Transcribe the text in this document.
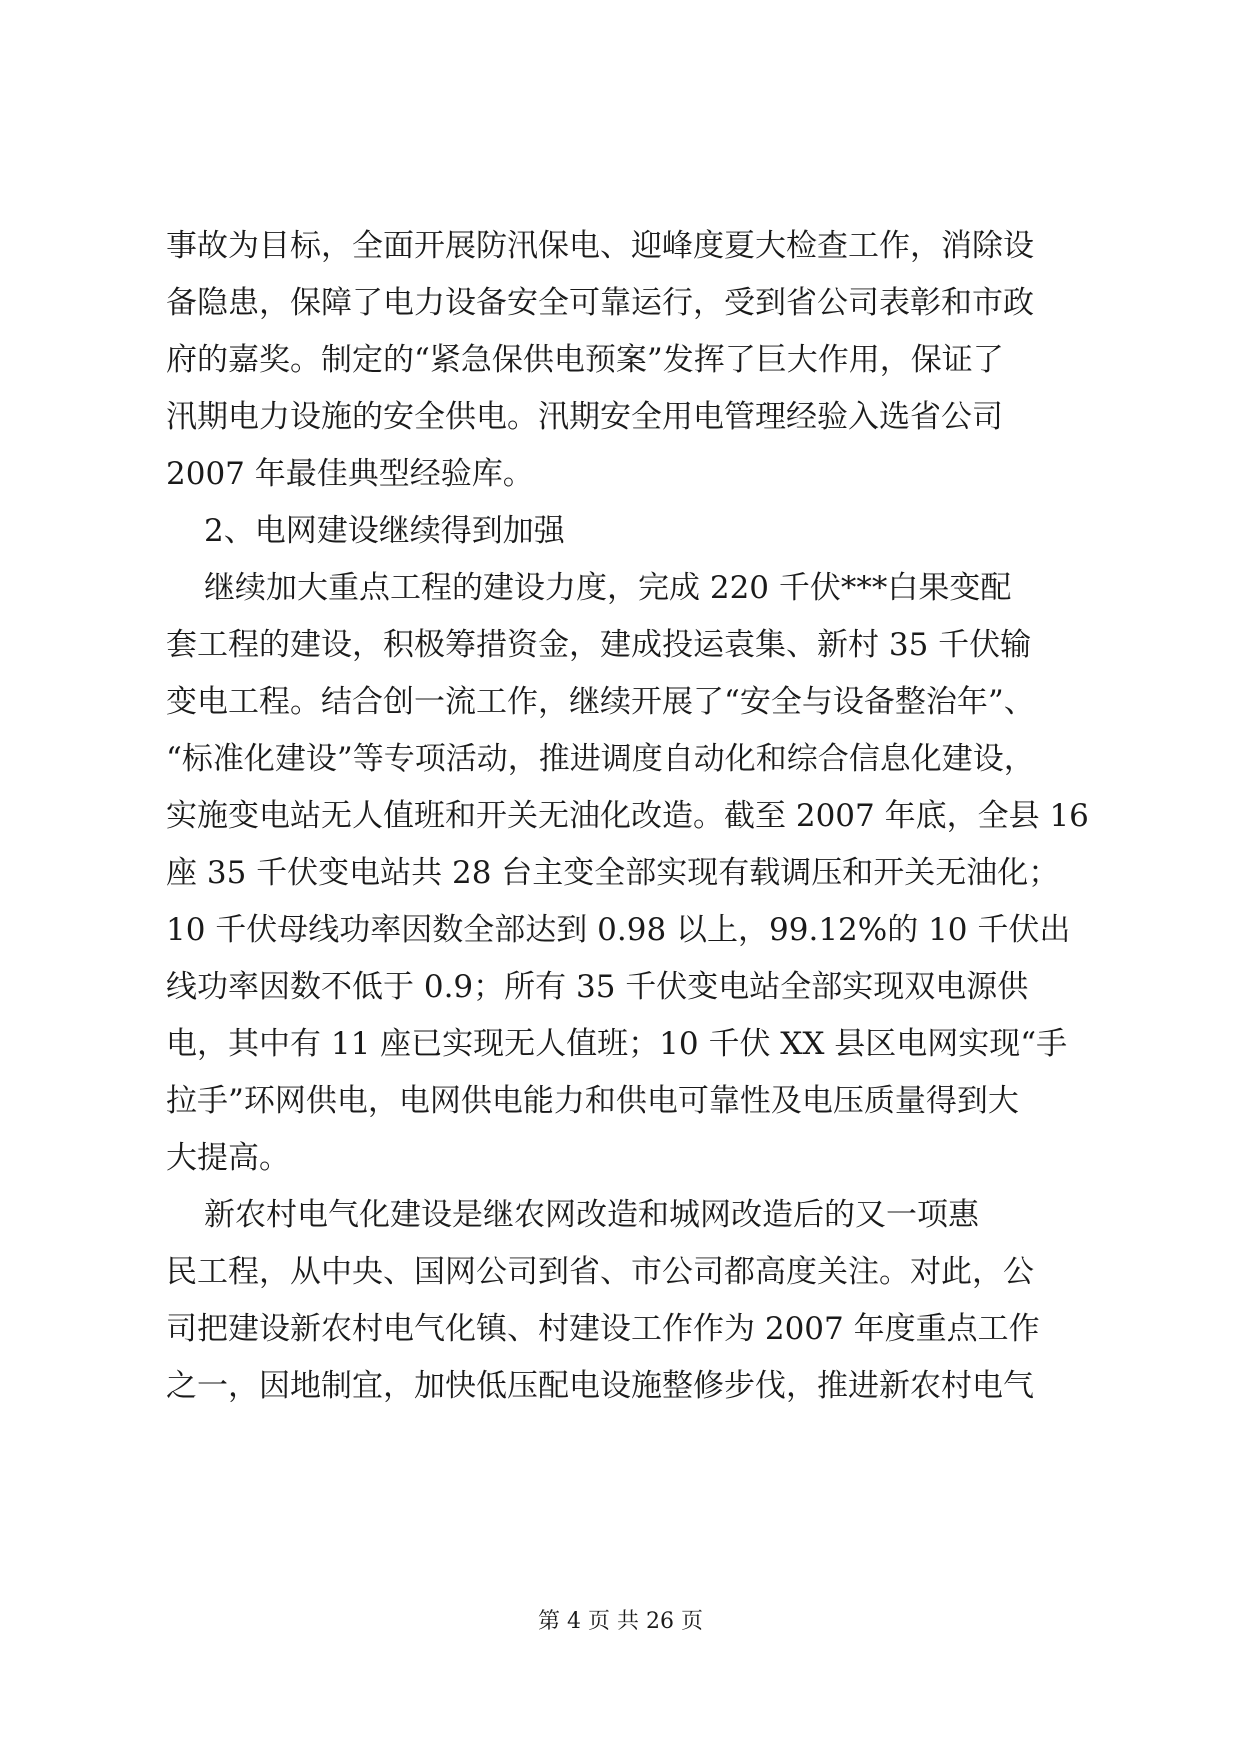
事故为目标，全面开展防汛保电、迎峰度夏大检查工作，消除设
备隐患，保障了电力设备安全可靠运行，受到省公司表彰和市政
府的嘉奖。制定的“紧急保供电预案”发挥了巨大作用，保证了
汛期电力设施的安全供电。汛期安全用电管理经验入选省公司
2007 年最佳典型经验库。
2、电网建设继续得到加强
继续加大重点工程的建设力度，完成 220 千伏***白果变配
套工程的建设，积极筹措资金，建成投运袁集、新村 35 千伏输
变电工程。结合创一流工作，继续开展了“安全与设备整治年”、
“标准化建设”等专项活动，推进调度自动化和综合信息化建设，
实施变电站无人值班和开关无油化改造。截至 2007 年底，全县 16
座 35 千伏变电站共 28 台主变全部实现有载调压和开关无油化；
10 千伏母线功率因数全部达到 0.98 以上，99.12%的 10 千伏出
线功率因数不低于 0.9；所有 35 千伏变电站全部实现双电源供
电，其中有 11 座已实现无人值班；10 千伏 XX 县区电网实现“手
拉手”环网供电，电网供电能力和供电可靠性及电压质量得到大
大提高。
新农村电气化建设是继农网改造和城网改造后的又一项惠
民工程，从中央、国网公司到省、市公司都高度关注。对此，公
司把建设新农村电气化镇、村建设工作作为 2007 年度重点工作
之一，因地制宜，加快低压配电设施整修步伐，推进新农村电气
第 4 页 共 26 页
